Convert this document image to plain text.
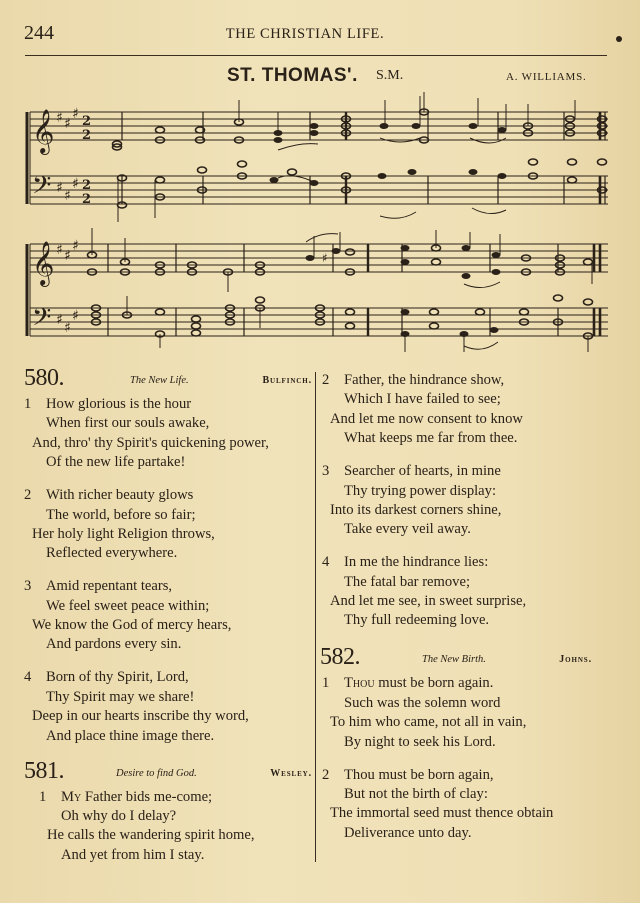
244	THE CHRISTIAN LIFE.
ST. THOMAS'. S.M.	A. WILLIAMS.
𝄞
𝄢
♯ ♯
♯
♯ ♯
♯
2
2
2
2
𝄞
𝄢
♯ ♯
♯
♯ ♯
♯
♯
580.	The New Life.	Bulfinch.
1 How glorious is the hour
When first our souls awake,
And, thro' thy Spirit's quickening power,
Of the new life partake!
2 With richer beauty glows
The world, before so fair;
Her holy light Religion throws,
Reflected everywhere.
3 Amid repentant tears,
We feel sweet peace within;
We know the God of mercy hears,
And pardons every sin.
4 Born of thy Spirit, Lord,
Thy Spirit may we share!
Deep in our hearts inscribe thy word,
And place thine image there.
581.	Desire to find God.	Wesley.
1 My Father bids me-come;
Oh why do I delay?
He calls the wandering spirit home,
And yet from him I stay.
2 Father, the hindrance show,
Which I have failed to see;
And let me now consent to know
What keeps me far from thee.
3 Searcher of hearts, in mine
Thy trying power display:
Into its darkest corners shine,
Take every veil away.
4 In me the hindrance lies:
The fatal bar remove;
And let me see, in sweet surprise,
Thy full redeeming love.
582.	The New Birth.	Johns.
1 Thou must be born again.
Such was the solemn word
To him who came, not all in vain,
By night to seek his Lord.
2 Thou must be born again,
But not the birth of clay:
The immortal seed must thence obtain
Deliverance unto day.
